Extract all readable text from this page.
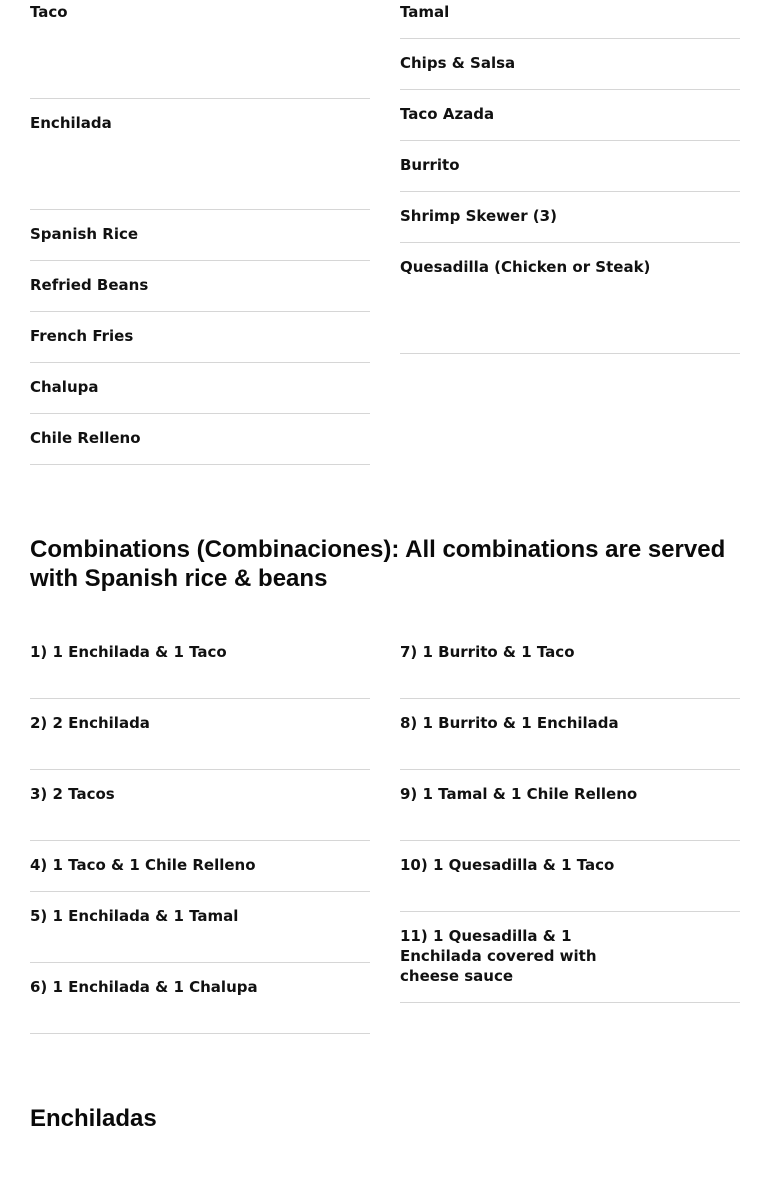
Taco
Enchilada
Spanish Rice
Refried Beans
French Fries
Chalupa
Chile Relleno
Tamal
Chips & Salsa
Taco Azada
Burrito
Shrimp Skewer (3)
Quesadilla (Chicken or Steak)
Combinations (Combinaciones): All combinations are served with Spanish rice & beans
1) 1 Enchilada & 1 Taco
2) 2 Enchilada
3) 2 Tacos
4) 1 Taco & 1 Chile Relleno
5) 1 Enchilada & 1 Tamal
6) 1 Enchilada & 1 Chalupa
7) 1 Burrito & 1 Taco
8) 1 Burrito & 1 Enchilada
9) 1 Tamal & 1 Chile Relleno
10) 1 Quesadilla & 1 Taco
11) 1 Quesadilla & 1 Enchilada covered with cheese sauce
Enchiladas
